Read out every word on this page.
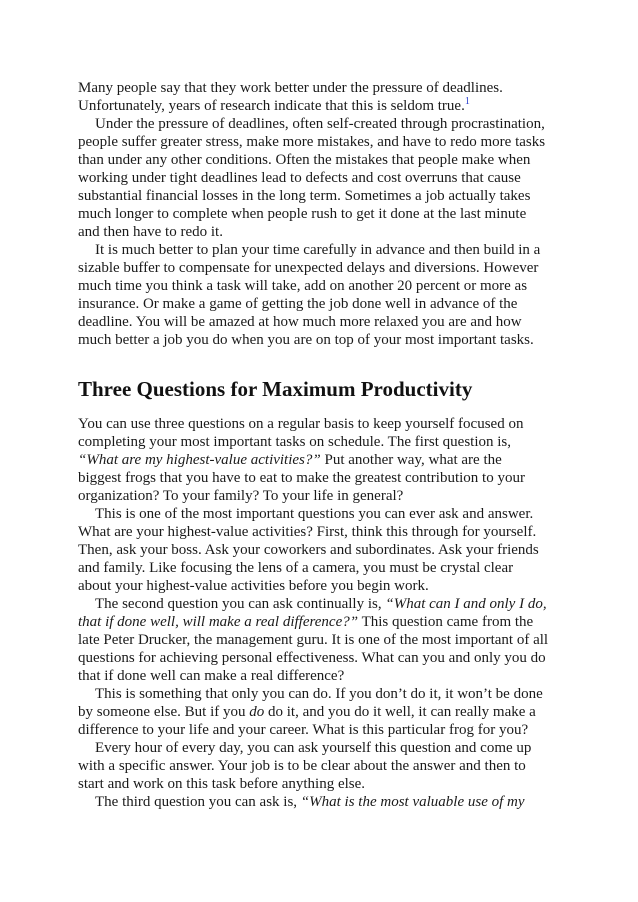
Many people say that they work better under the pressure of deadlines.
Unfortunately, years of research indicate that this is seldom true.$^1$
Under the pressure of deadlines, often self-created through procrastination,
people suffer greater stress, make more mistakes, and have to redo more tasks
than under any other conditions. Often the mistakes that people make when
working under tight deadlines lead to defects and cost overruns that cause
substantial financial losses in the long term. Sometimes a job actually takes
much longer to complete when people rush to get it done at the last minute
and then have to redo it.
It is much better to plan your time carefully in advance and then build in a
sizable buffer to compensate for unexpected delays and diversions. However
much time you think a task will take, add on another 20 percent or more as
insurance. Or make a game of getting the job done well in advance of the
deadline. You will be amazed at how much more relaxed you are and how
much better a job you do when you are on top of your most important tasks.
Three Questions for Maximum Productivity
You can use three questions on a regular basis to keep yourself focused on
completing your most important tasks on schedule. The first question is,
“What are my highest-value activities?” Put another way, what are the
biggest frogs that you have to eat to make the greatest contribution to your
organization? To your family? To your life in general?
This is one of the most important questions you can ever ask and answer.
What are your highest-value activities? First, think this through for yourself.
Then, ask your boss. Ask your coworkers and subordinates. Ask your friends
and family. Like focusing the lens of a camera, you must be crystal clear
about your highest-value activities before you begin work.
The second question you can ask continually is, “What can I and only I do,
that if done well, will make a real difference?” This question came from the
late Peter Drucker, the management guru. It is one of the most important of all
questions for achieving personal effectiveness. What can you and only you do
that if done well can make a real difference?
This is something that only you can do. If you don’t do it, it won’t be done
by someone else. But if you do do it, and you do it well, it can really make a
difference to your life and your career. What is this particular frog for you?
Every hour of every day, you can ask yourself this question and come up
with a specific answer. Your job is to be clear about the answer and then to
start and work on this task before anything else.
The third question you can ask is, “What is the most valuable use of my
